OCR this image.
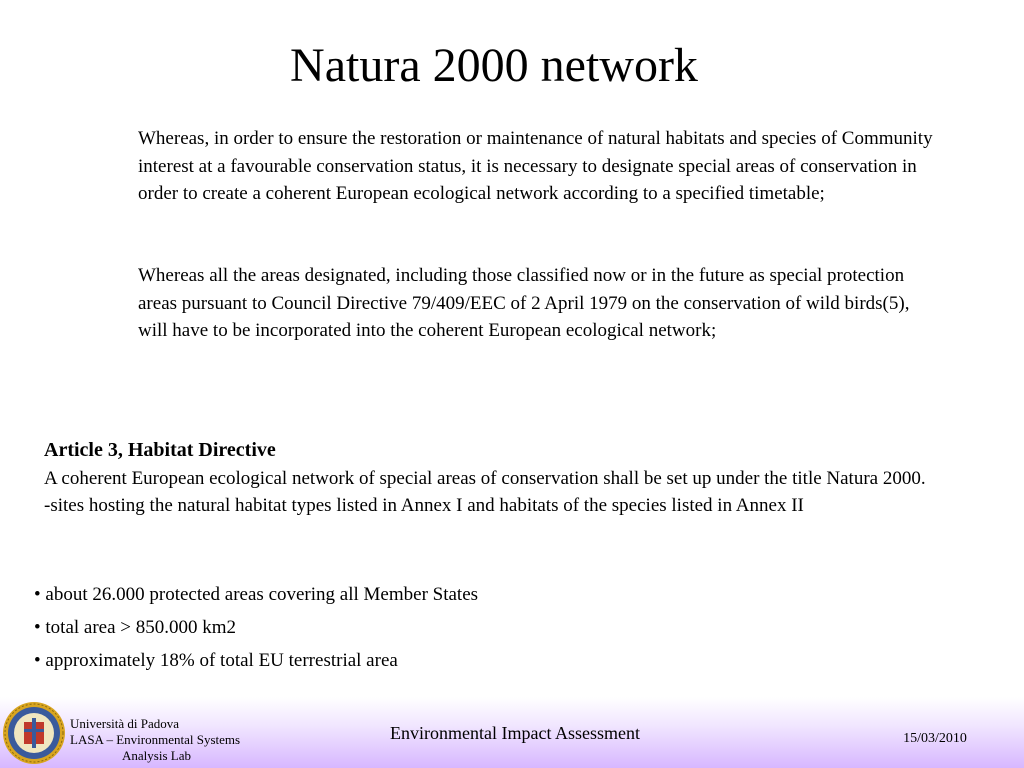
Natura 2000 network
Whereas, in order to ensure the restoration or maintenance of natural habitats and species of Community interest at a favourable conservation status, it is necessary to designate special areas of conservation in order to create a coherent European ecological network according to a specified timetable;
Whereas all the areas designated, including those classified now or in the future as special protection areas pursuant to Council Directive 79/409/EEC of 2 April 1979 on the conservation of wild birds(5), will have to be incorporated into the coherent European ecological network;
Article 3, Habitat Directive
A coherent European ecological network of special areas of conservation shall be set up under the title Natura 2000.
-sites hosting the natural habitat types listed in Annex I and habitats of the species listed in Annex II
• about 26.000 protected areas covering all Member States
• total area > 850.000 km2
• approximately 18% of total EU terrestrial area
Università di Padova
LASA – Environmental Systems
Analysis Lab
Environmental Impact Assessment	15/03/2010
